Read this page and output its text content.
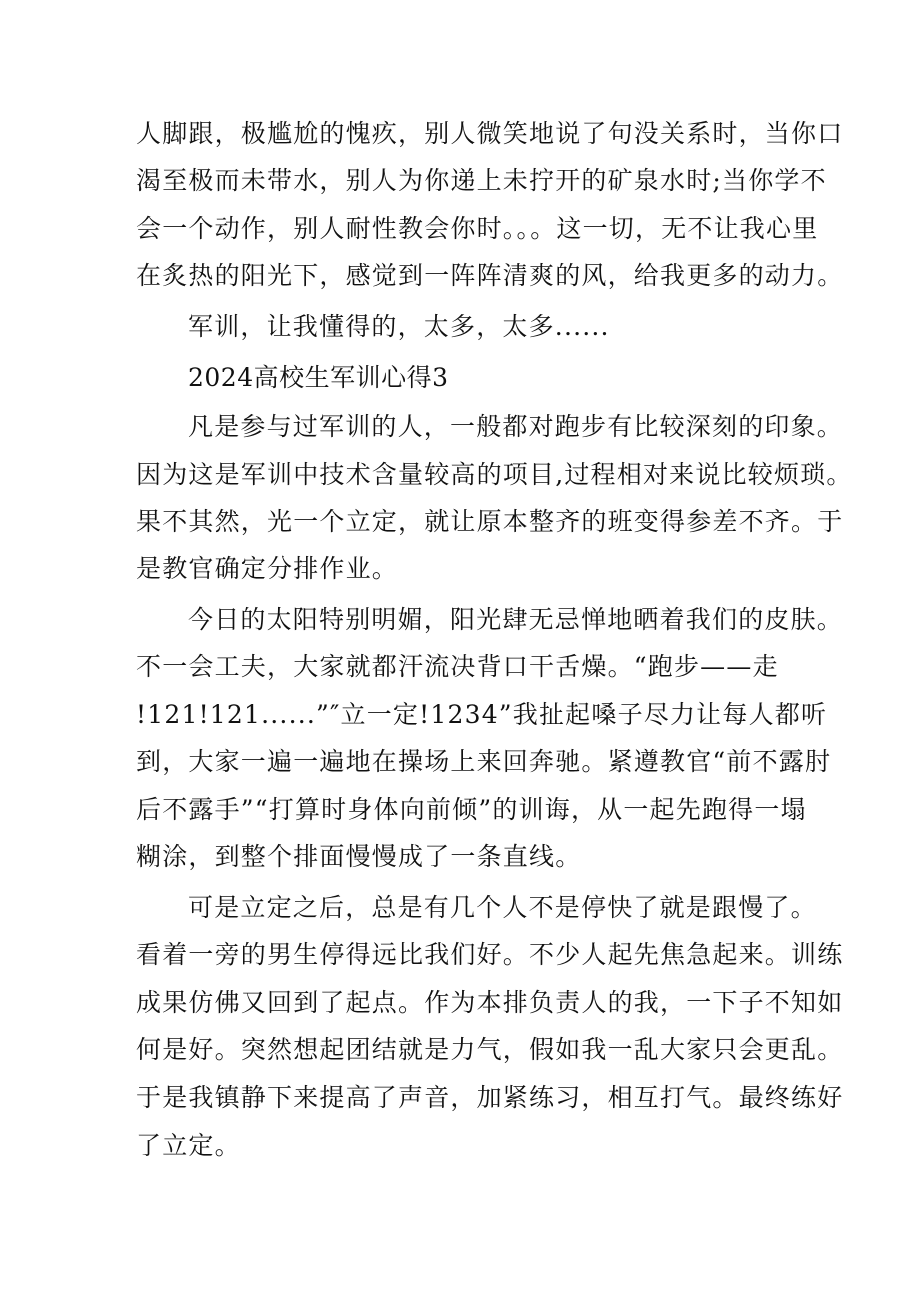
人脚跟，极尴尬的愧疚，别人微笑地说了句没关系时，当你口
渴至极而未带水，别人为你递上未拧开的矿泉水时;当你学不
会一个动作，别人耐性教会你时。。。这一切，无不让我心里
在炙热的阳光下，感觉到一阵阵清爽的风，给我更多的动力。
军训，让我懂得的，太多，太多......
2024高校生军训心得3
凡是参与过军训的人，一般都对跑步有比较深刻的印象。
因为这是军训中技术含量较高的项目,过程相对来说比较烦琐。
果不其然，光一个立定，就让原本整齐的班变得参差不齐。于
是教官确定分排作业。
今日的太阳特别明媚，阳光肆无忌惮地晒着我们的皮肤。
不一会工夫，大家就都汗流决背口干舌燥。“跑步——走
!121!121......”″立一定!1234”我扯起嗓子尽力让每人都听
到，大家一遍一遍地在操场上来回奔驰。紧遵教官“前不露肘
后不露手”“打算时身体向前倾”的训诲，从一起先跑得一塌
糊涂，到整个排面慢慢成了一条直线。
可是立定之后，总是有几个人不是停快了就是跟慢了。
看着一旁的男生停得远比我们好。不少人起先焦急起来。训练
成果仿佛又回到了起点。作为本排负责人的我，一下子不知如
何是好。突然想起团结就是力气，假如我一乱大家只会更乱。
于是我镇静下来提高了声音，加紧练习，相互打气。最终练好
了立定。
